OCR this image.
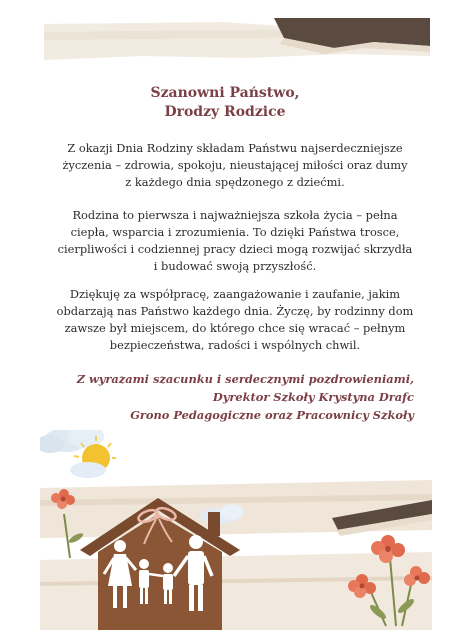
Szanowni Państwo,
Drodzy Rodzice
Z okazji Dnia Rodziny składam Państwu najserdeczniejsze
życzenia – zdrowia, spokoju, nieustającej miłości oraz dumy
z każdego dnia spędzonego z dziećmi.
Rodzina to pierwsza i najważniejsza szkoła życia – pełna
ciepła, wsparcia i zrozumienia. To dzięki Państwa trosce,
cierpliwości i codziennej pracy dzieci mogą rozwijać skrzydła
i budować swoją przyszłość.
Dziękuję za współpracę, zaangażowanie i zaufanie, jakim
obdarzają nas Państwo każdego dnia. Życzę, by rodzinny dom
zawsze był miejscem, do którego chce się wracać – pełnym
bezpieczeństwa, radości i wspólnych chwil.
Z wyrazami szacunku i serdecznymi pozdrowieniami,
Dyrektor Szkoły Krystyna Drafc
Grono Pedagogiczne oraz Pracownicy Szkoły
